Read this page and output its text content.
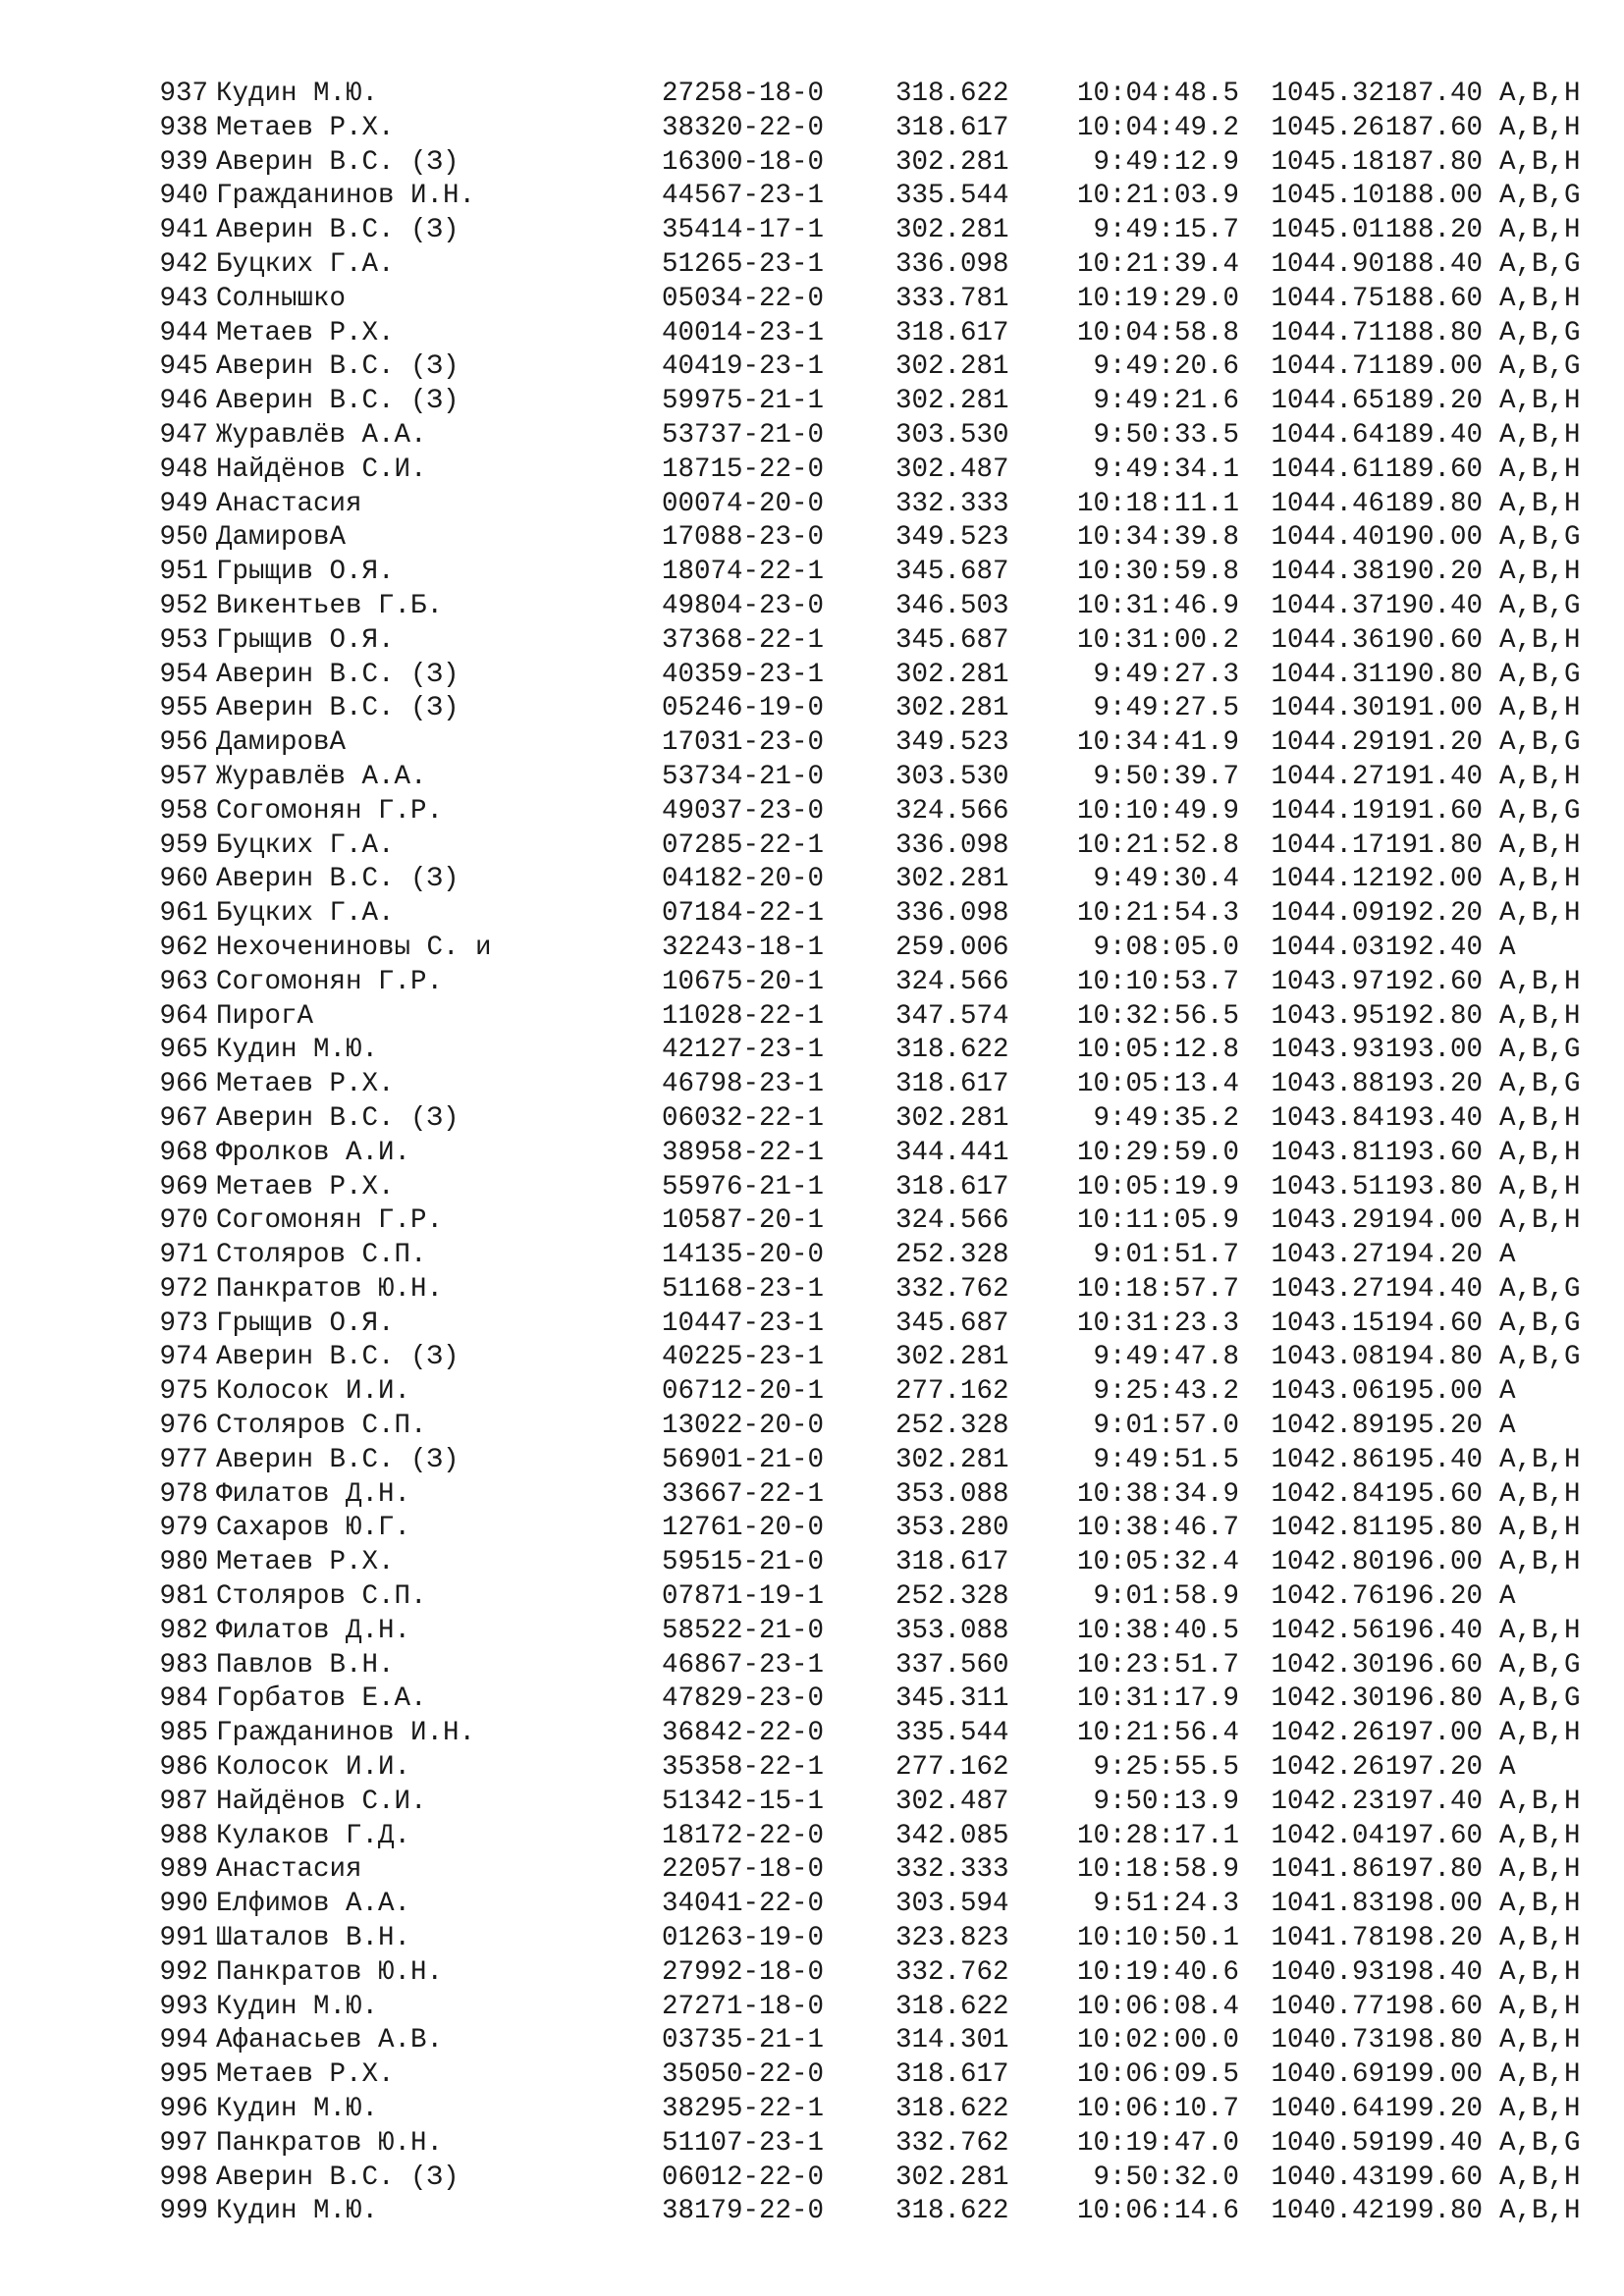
937 Кудин М.Ю.	27258-18-0	318.622	10:04:48.5	1045.32 187.40 A,B,H
938 Метаев Р.Х.	38320-22-0	318.617	10:04:49.2	1045.26 187.60 A,B,H
939 Аверин В.С. (З)	16300-18-0	302.281	9:49:12.9	1045.18 187.80 A,B,H
940 Гражданинов И.Н.	44567-23-1	335.544	10:21:03.9	1045.10 188.00 A,B,G
941 Аверин В.С. (З)	35414-17-1	302.281	9:49:15.7	1045.01 188.20 A,B,H
942 Буцких Г.А.	51265-23-1	336.098	10:21:39.4	1044.90 188.40 A,B,G
943 Солнышко	05034-22-0	333.781	10:19:29.0	1044.75 188.60 A,B,H
944 Метаев Р.Х.	40014-23-1	318.617	10:04:58.8	1044.71 188.80 A,B,G
945 Аверин В.С. (З)	40419-23-1	302.281	9:49:20.6	1044.71 189.00 A,B,G
946 Аверин В.С. (З)	59975-21-1	302.281	9:49:21.6	1044.65 189.20 A,B,H
947 Журавлёв А.А.	53737-21-0	303.530	9:50:33.5	1044.64 189.40 A,B,H
948 Найдёнов С.И.	18715-22-0	302.487	9:49:34.1	1044.61 189.60 A,B,H
949 Анастасия	00074-20-0	332.333	10:18:11.1	1044.46 189.80 A,B,H
950 ДамировА	17088-23-0	349.523	10:34:39.8	1044.40 190.00 A,B,G
951 Грыщив О.Я.	18074-22-1	345.687	10:30:59.8	1044.38 190.20 A,B,H
952 Викентьев Г.Б.	49804-23-0	346.503	10:31:46.9	1044.37 190.40 A,B,G
953 Грыщив О.Я.	37368-22-1	345.687	10:31:00.2	1044.36 190.60 A,B,H
954 Аверин В.С. (З)	40359-23-1	302.281	9:49:27.3	1044.31 190.80 A,B,G
955 Аверин В.С. (З)	05246-19-0	302.281	9:49:27.5	1044.30 191.00 A,B,H
956 ДамировА	17031-23-0	349.523	10:34:41.9	1044.29 191.20 A,B,G
957 Журавлёв А.А.	53734-21-0	303.530	9:50:39.7	1044.27 191.40 A,B,H
958 Согомонян Г.Р.	49037-23-0	324.566	10:10:49.9	1044.19 191.60 A,B,G
959 Буцких Г.А.	07285-22-1	336.098	10:21:52.8	1044.17 191.80 A,B,H
960 Аверин В.С. (З)	04182-20-0	302.281	9:49:30.4	1044.12 192.00 A,B,H
961 Буцких Г.А.	07184-22-1	336.098	10:21:54.3	1044.09 192.20 A,B,H
962 Нехочениновы С. и	32243-18-1	259.006	9:08:05.0	1044.03 192.40 A
963 Согомонян Г.Р.	10675-20-1	324.566	10:10:53.7	1043.97 192.60 A,B,H
964 ПирогА	11028-22-1	347.574	10:32:56.5	1043.95 192.80 A,B,H
965 Кудин М.Ю.	42127-23-1	318.622	10:05:12.8	1043.93 193.00 A,B,G
966 Метаев Р.Х.	46798-23-1	318.617	10:05:13.4	1043.88 193.20 A,B,G
967 Аверин В.С. (З)	06032-22-1	302.281	9:49:35.2	1043.84 193.40 A,B,H
968 Фролков А.И.	38958-22-1	344.441	10:29:59.0	1043.81 193.60 A,B,H
969 Метаев Р.Х.	55976-21-1	318.617	10:05:19.9	1043.51 193.80 A,B,H
970 Согомонян Г.Р.	10587-20-1	324.566	10:11:05.9	1043.29 194.00 A,B,H
971 Столяров С.П.	14135-20-0	252.328	9:01:51.7	1043.27 194.20 A
972 Панкратов Ю.Н.	51168-23-1	332.762	10:18:57.7	1043.27 194.40 A,B,G
973 Грыщив О.Я.	10447-23-1	345.687	10:31:23.3	1043.15 194.60 A,B,G
974 Аверин В.С. (З)	40225-23-1	302.281	9:49:47.8	1043.08 194.80 A,B,G
975 Колосок И.И.	06712-20-1	277.162	9:25:43.2	1043.06 195.00 A
976 Столяров С.П.	13022-20-0	252.328	9:01:57.0	1042.89 195.20 A
977 Аверин В.С. (З)	56901-21-0	302.281	9:49:51.5	1042.86 195.40 A,B,H
978 Филатов Д.Н.	33667-22-1	353.088	10:38:34.9	1042.84 195.60 A,B,H
979 Сахаров Ю.Г.	12761-20-0	353.280	10:38:46.7	1042.81 195.80 A,B,H
980 Метаев Р.Х.	59515-21-0	318.617	10:05:32.4	1042.80 196.00 A,B,H
981 Столяров С.П.	07871-19-1	252.328	9:01:58.9	1042.76 196.20 A
982 Филатов Д.Н.	58522-21-0	353.088	10:38:40.5	1042.56 196.40 A,B,H
983 Павлов В.Н.	46867-23-1	337.560	10:23:51.7	1042.30 196.60 A,B,G
984 Горбатов Е.А.	47829-23-0	345.311	10:31:17.9	1042.30 196.80 A,B,G
985 Гражданинов И.Н.	36842-22-0	335.544	10:21:56.4	1042.26 197.00 A,B,H
986 Колосок И.И.	35358-22-1	277.162	9:25:55.5	1042.26 197.20 A
987 Найдёнов С.И.	51342-15-1	302.487	9:50:13.9	1042.23 197.40 A,B,H
988 Кулаков Г.Д.	18172-22-0	342.085	10:28:17.1	1042.04 197.60 A,B,H
989 Анастасия	22057-18-0	332.333	10:18:58.9	1041.86 197.80 A,B,H
990 Елфимов А.А.	34041-22-0	303.594	9:51:24.3	1041.83 198.00 A,B,H
991 Шаталов В.Н.	01263-19-0	323.823	10:10:50.1	1041.78 198.20 A,B,H
992 Панкратов Ю.Н.	27992-18-0	332.762	10:19:40.6	1040.93 198.40 A,B,H
993 Кудин М.Ю.	27271-18-0	318.622	10:06:08.4	1040.77 198.60 A,B,H
994 Афанасьев А.В.	03735-21-1	314.301	10:02:00.0	1040.73 198.80 A,B,H
995 Метаев Р.Х.	35050-22-0	318.617	10:06:09.5	1040.69 199.00 A,B,H
996 Кудин М.Ю.	38295-22-1	318.622	10:06:10.7	1040.64 199.20 A,B,H
997 Панкратов Ю.Н.	51107-23-1	332.762	10:19:47.0	1040.59 199.40 A,B,G
998 Аверин В.С. (З)	06012-22-0	302.281	9:50:32.0	1040.43 199.60 A,B,H
999 Кудин М.Ю.	38179-22-0	318.622	10:06:14.6	1040.42 199.80 A,B,H
